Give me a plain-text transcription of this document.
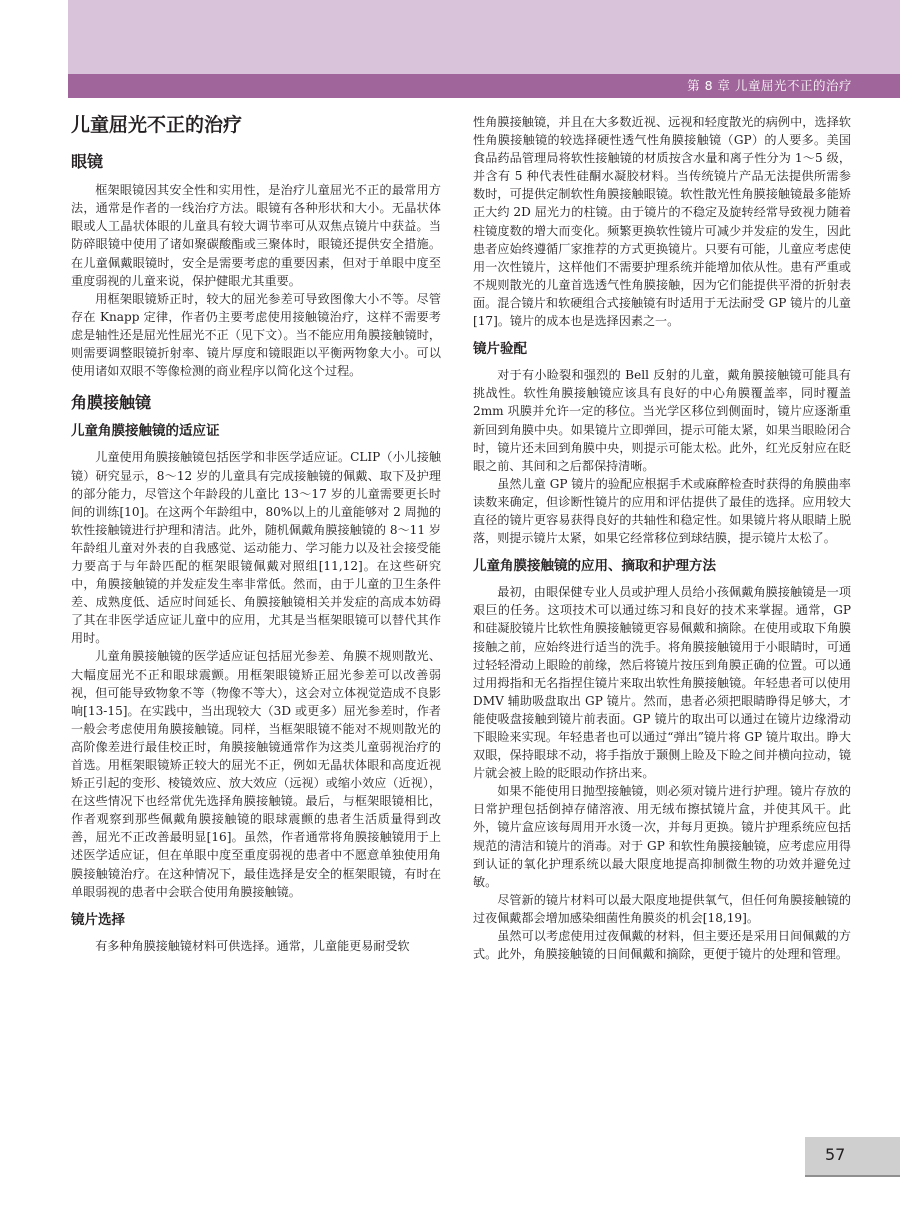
第 8 章 儿童屈光不正的治疗
儿童屈光不正的治疗
眼镜

框架眼镜因其安全性和实用性，是治疗儿童屈光不正的最常用方法，通常是作者的一线治疗方法。眼镜有各种形状和大小。无晶状体眼或人工晶状体眼的儿童具有较大调节率可从双焦点镜片中获益。当防碎眼镜中使用了诸如聚碳酸酯或三聚体时，眼镜还提供安全措施。在儿童佩戴眼镜时，安全是需要考虑的重要因素，但对于单眼中度至重度弱视的儿童来说，保护健眼尤其重要。

用框架眼镜矫正时，较大的屈光参差可导致图像大小不等。尽管存在 Knapp 定律，作者仍主要考虑使用接触镜治疗，这样不需要考虑是轴性还是屈光性屈光不正（见下文）。当不能应用角膜接触镜时，则需要调整眼镜折射率、镜片厚度和镜眼距以平衡两物象大小。可以使用诸如双眼不等像检测的商业程序以简化这个过程。

角膜接触镜
儿童角膜接触镜的适应证

儿童使用角膜接触镜包括医学和非医学适应证。CLIP（小儿接触镜）研究显示，8～12 岁的儿童具有完成接触镜的佩戴、取下及护理的部分能力，尽管这个年龄段的儿童比 13～17 岁的儿童需要更长时间的训练[10]。在这两个年龄组中，80%以上的儿童能够对 2 周抛的软性接触镜进行护理和清洁。此外，随机佩戴角膜接触镜的 8～11 岁年龄组儿童对外表的自我感觉、运动能力、学习能力以及社会接受能力要高于与年龄匹配的框架眼镜佩戴对照组[11,12]。在这些研究中，角膜接触镜的并发症发生率非常低。然而，由于儿童的卫生条件差、成熟度低、适应时间延长、角膜接触镜相关并发症的高成本妨碍了其在非医学适应证儿童中的应用，尤其是当框架眼镜可以替代其作用时。

儿童角膜接触镜的医学适应证包括屈光参差、角膜不规则散光、大幅度屈光不正和眼球震颤。用框架眼镜矫正屈光参差可以改善弱视，但可能导致物象不等（物像不等大），这会对立体视觉造成不良影响[13-15]。在实践中，当出现较大（3D 或更多）屈光参差时，作者一般会考虑使用角膜接触镜。同样，当框架眼镜不能对不规则散光的高阶像差进行最佳校正时，角膜接触镜通常作为这类儿童弱视治疗的首选。用框架眼镜矫正较大的屈光不正，例如无晶状体眼和高度近视矫正引起的变形、棱镜效应、放大效应（远视）或缩小效应（近视），在这些情况下也经常优先选择角膜接触镜。最后，与框架眼镜相比，作者观察到那些佩戴角膜接触镜的眼球震颤的患者生活质量得到改善，屈光不正改善最明显[16]。虽然，作者通常将角膜接触镜用于上述医学适应证，但在单眼中度至重度弱视的患者中不愿意单独使用角膜接触镜治疗。在这种情况下，最佳选择是安全的框架眼镜，有时在单眼弱视的患者中会联合使用角膜接触镜。

镜片选择

有多种角膜接触镜材料可供选择。通常，儿童能更易耐受软

性角膜接触镜，并且在大多数近视、远视和轻度散光的病例中，选择软性角膜接触镜的较选择硬性透气性角膜接触镜（GP）的人要多。美国食品药品管理局将软性接触镜的材质按含水量和离子性分为 1～5 级，并含有 5 种代表性硅酮水凝胶材料。当传统镜片产品无法提供所需参数时，可提供定制软性角膜接触眼镜。软性散光性角膜接触镜最多能矫正大约 2D 屈光力的柱镜。由于镜片的不稳定及旋转经常导致视力随着柱镜度数的增大而变化。频繁更换软性镜片可减少并发症的发生，因此患者应始终遵循厂家推荐的方式更换镜片。只要有可能，儿童应考虑使用一次性镜片，这样他们不需要护理系统并能增加依从性。患有严重或不规则散光的儿童首选透气性角膜接触，因为它们能提供平滑的折射表面。混合镜片和软硬组合式接触镜有时适用于无法耐受 GP 镜片的儿童[17]。镜片的成本也是选择因素之一。

镜片验配

对于有小睑裂和强烈的 Bell 反射的儿童，戴角膜接触镜可能具有挑战性。软性角膜接触镜应该具有良好的中心角膜覆盖率，同时覆盖 2mm 巩膜并允许一定的移位。当光学区移位到侧面时，镜片应逐渐重新回到角膜中央。如果镜片立即弹回，提示可能太紧，如果当眼睑闭合时，镜片还未回到角膜中央，则提示可能太松。此外，红光反射应在眨眼之前、其间和之后都保持清晰。

虽然儿童 GP 镜片的验配应根据手术或麻醉检查时获得的角膜曲率读数来确定，但诊断性镜片的应用和评估提供了最佳的选择。应用较大直径的镜片更容易获得良好的共轴性和稳定性。如果镜片将从眼睛上脱落，则提示镜片太紧，如果它经常移位到球结膜，提示镜片太松了。

儿童角膜接触镜的应用、摘取和护理方法

最初，由眼保健专业人员或护理人员给小孩佩戴角膜接触镜是一项艰巨的任务。这项技术可以通过练习和良好的技术来掌握。通常，GP 和硅凝胶镜片比软性角膜接触镜更容易佩戴和摘除。在使用或取下角膜接触之前，应始终进行适当的洗手。将角膜接触镜用于小眼睛时，可通过轻轻滑动上眼睑的前缘，然后将镜片按压到角膜正确的位置。可以通过用拇指和无名指捏住镜片来取出软性角膜接触镜。年轻患者可以使用 DMV 辅助吸盘取出 GP 镜片。然而，患者必须把眼睛睁得足够大，才能使吸盘接触到镜片前表面。GP 镜片的取出可以通过在镜片边缘滑动下眼睑来实现。年轻患者也可以通过“弹出”镜片将 GP 镜片取出。睁大双眼，保持眼球不动，将手指放于颞侧上睑及下睑之间并横向拉动，镜片就会被上睑的眨眼动作挤出来。

如果不能使用日抛型接触镜，则必须对镜片进行护理。镜片存放的日常护理包括倒掉存储溶液、用无绒布擦拭镜片盒，并使其风干。此外，镜片盒应该每周用开水烫一次，并每月更换。镜片护理系统应包括规范的清洁和镜片的消毒。对于 GP 和软性角膜接触镜，应考虑应用得到认证的氧化护理系统以最大限度地提高抑制微生物的功效并避免过敏。

尽管新的镜片材料可以最大限度地提供氧气，但任何角膜接触镜的过夜佩戴都会增加感染细菌性角膜炎的机会[18,19]。

虽然可以考虑使用过夜佩戴的材料，但主要还是采用日间佩戴的方式。此外，角膜接触镜的日间佩戴和摘除，更便于镜片的处理和管理。

57
